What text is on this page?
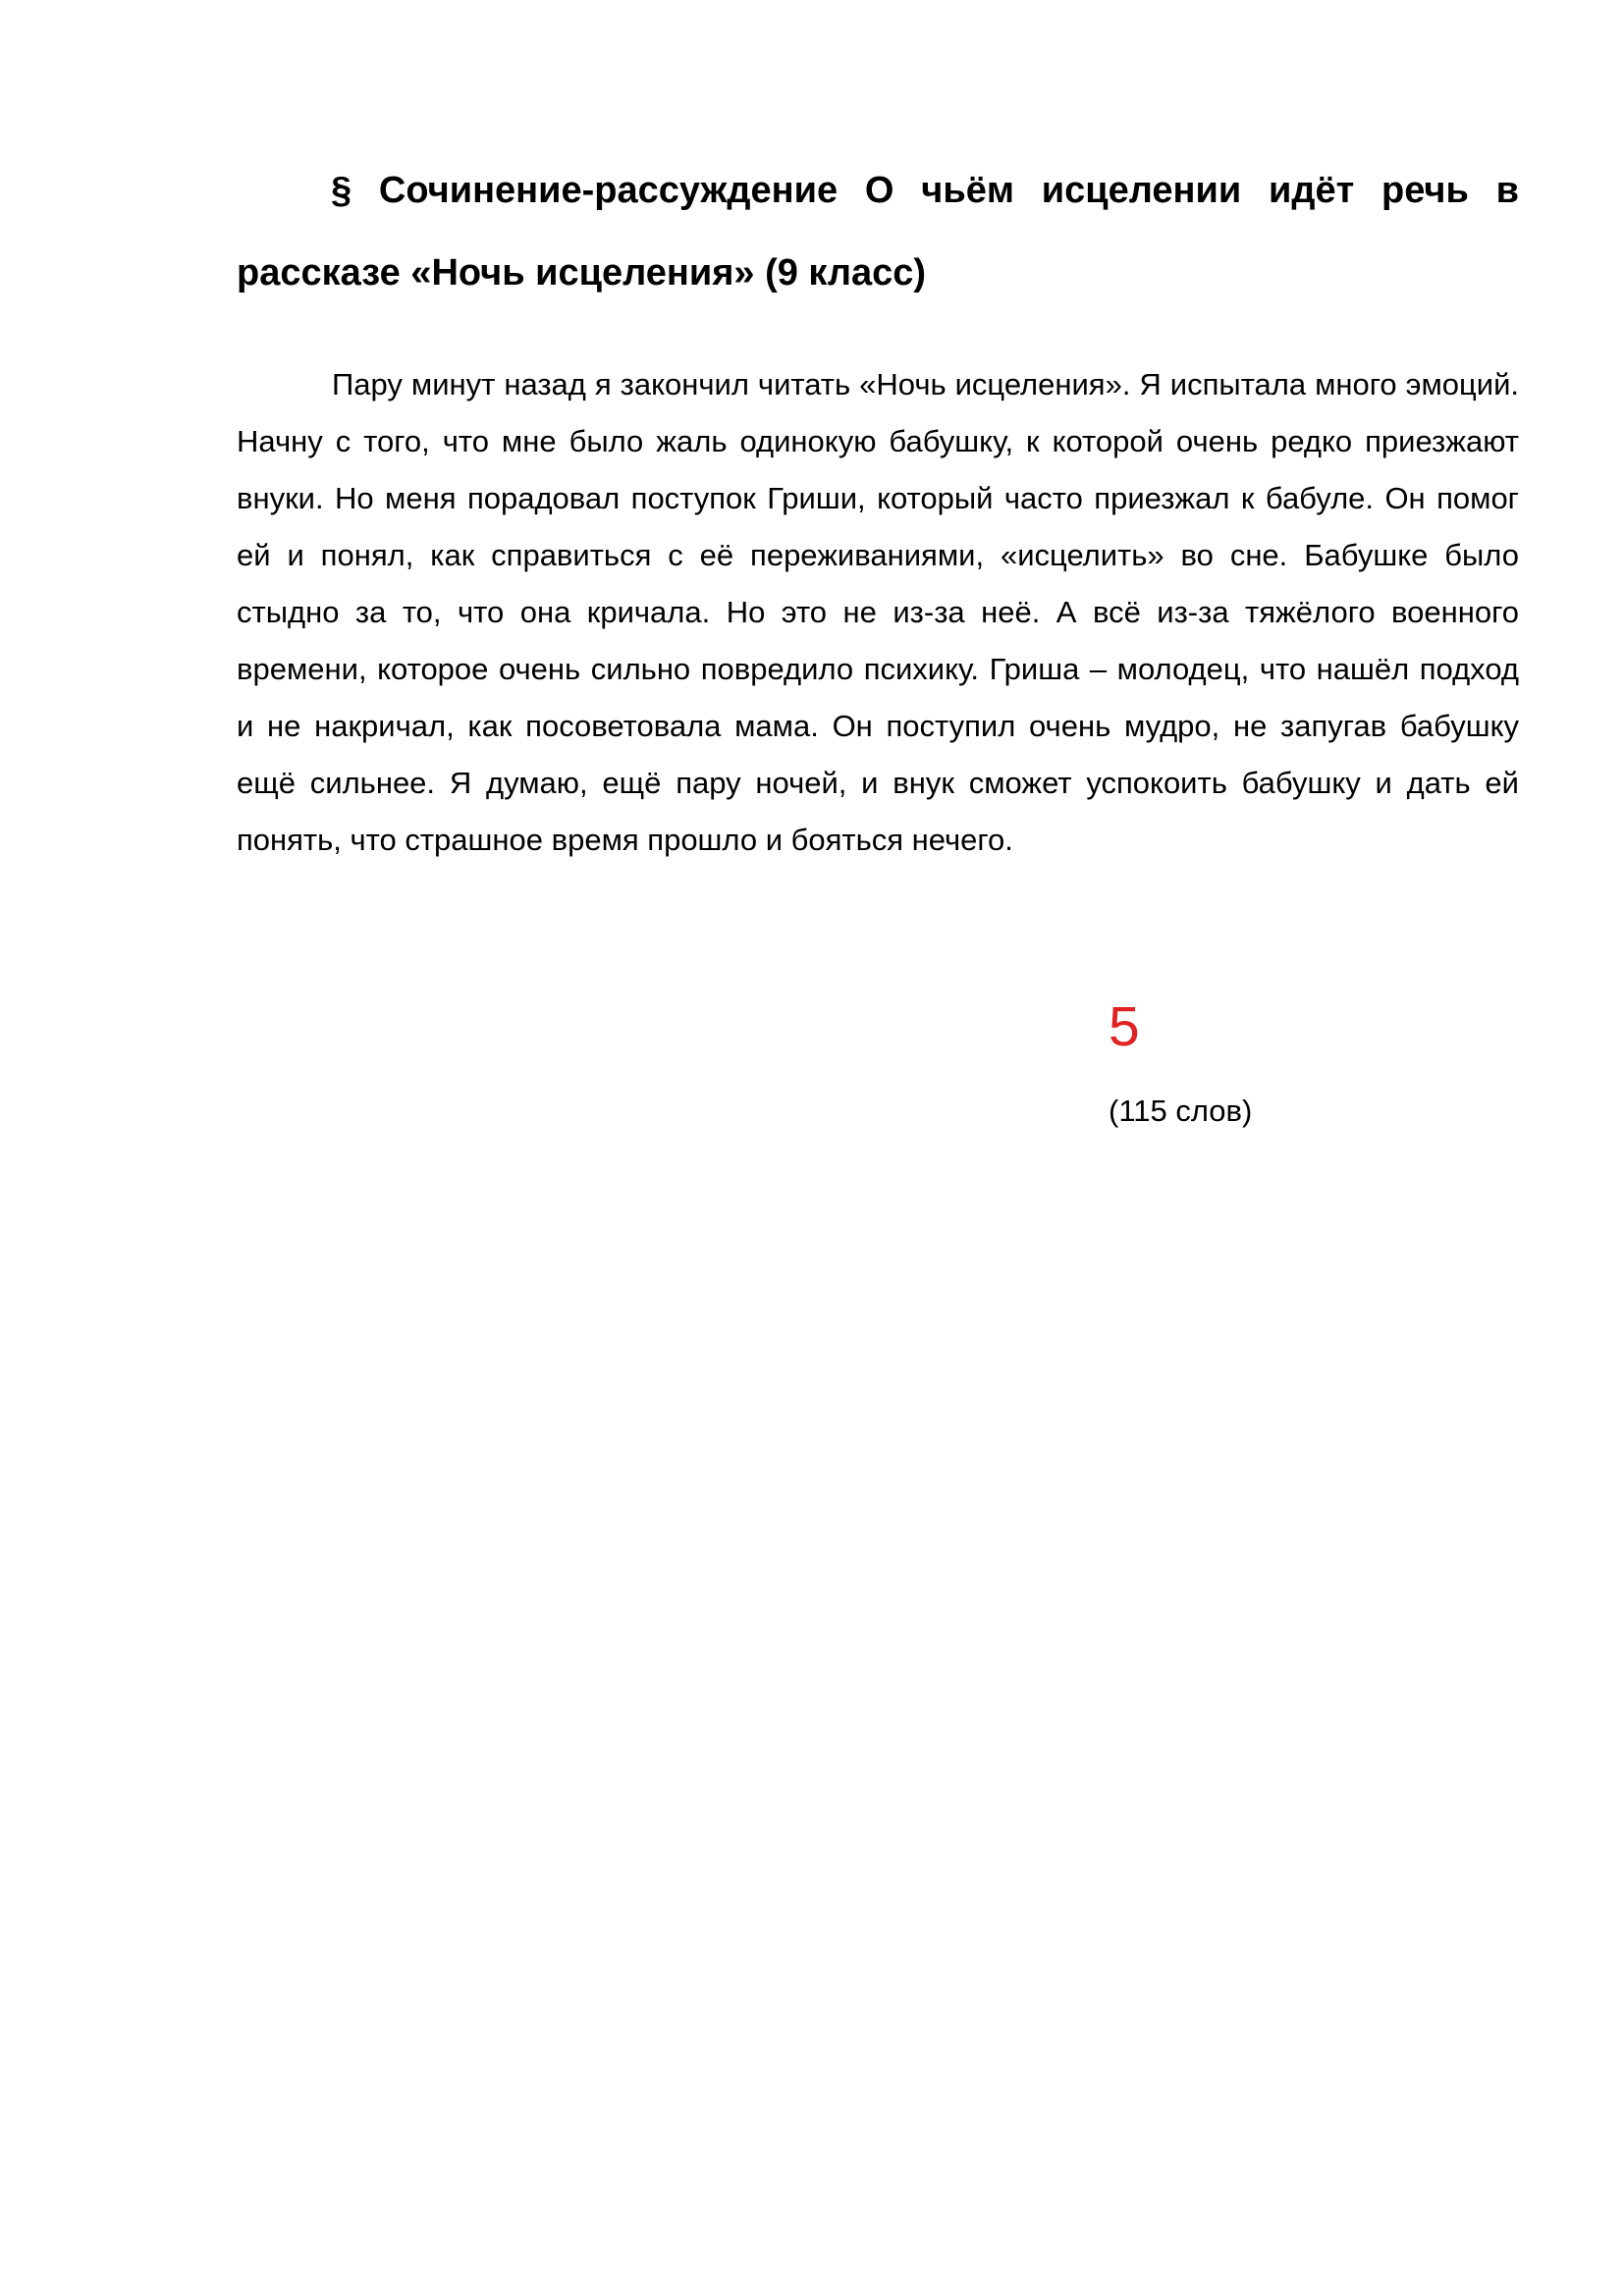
§ Сочинение-рассуждение О чьём исцелении идёт речь в рассказе «Ночь исцеления» (9 класс)

Пару минут назад я закончил читать «Ночь исцеления». Я испытала много эмоций. Начну с того, что мне было жаль одинокую бабушку, к которой очень редко приезжают внуки. Но меня порадовал поступок Гриши, который часто приезжал к бабуле. Он помог ей и понял, как справиться с её переживаниями, «исцелить» во сне. Бабушке было стыдно за то, что она кричала. Но это не из-за неё. А всё из-за тяжёлого военного времени, которое очень сильно повредило психику. Гриша – молодец, что нашёл подход и не накричал, как посоветовала мама. Он поступил очень мудро, не запугав бабушку ещё сильнее. Я думаю, ещё пару ночей, и внук сможет успокоить бабушку и дать ей понять, что страшное время прошло и бояться нечего.

5
(115 слов)
